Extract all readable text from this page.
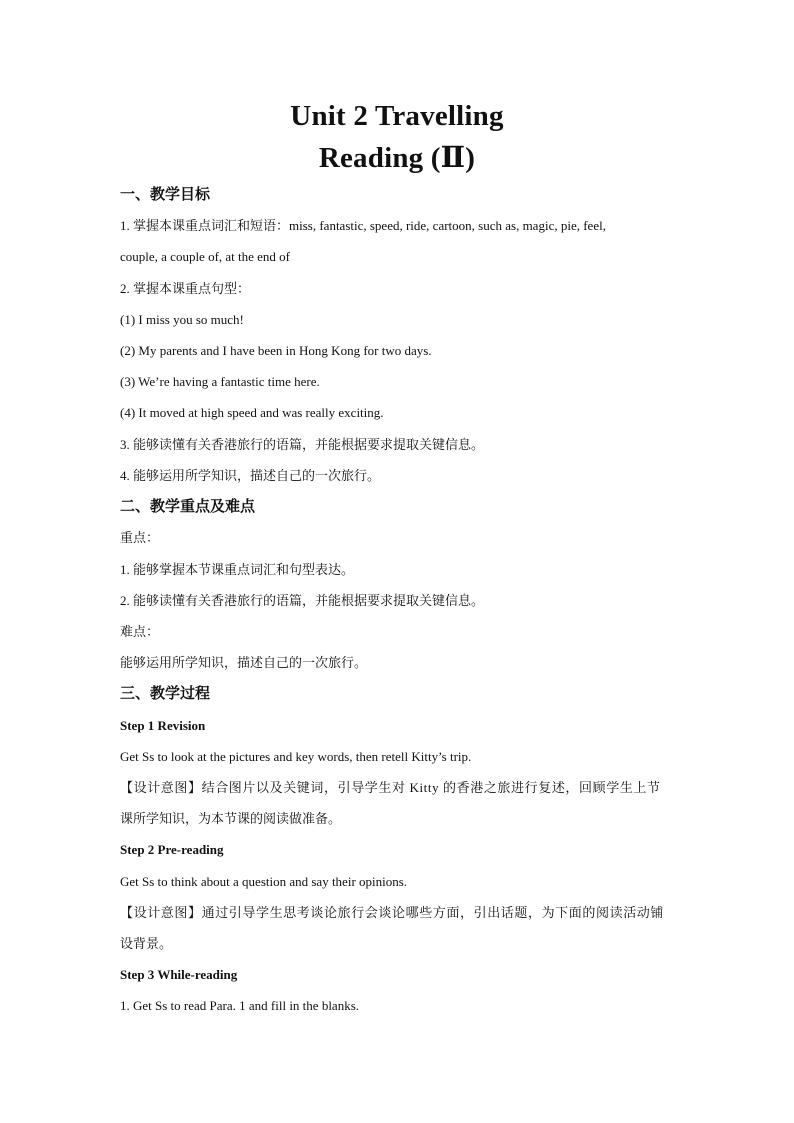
Unit 2 Travelling
Reading (Ⅱ)
一、教学目标
1. 掌握本课重点词汇和短语：miss, fantastic, speed, ride, cartoon, such as, magic, pie, feel,
couple, a couple of, at the end of
2. 掌握本课重点句型：
(1) I miss you so much!
(2) My parents and I have been in Hong Kong for two days.
(3) We’re having a fantastic time here.
(4) It moved at high speed and was really exciting.
3. 能够读懂有关香港旅行的语篇，并能根据要求提取关键信息。
4. 能够运用所学知识，描述自己的一次旅行。
二、教学重点及难点
重点：
1. 能够掌握本节课重点词汇和句型表达。
2. 能够读懂有关香港旅行的语篇，并能根据要求提取关键信息。
难点：
能够运用所学知识，描述自己的一次旅行。
三、教学过程
Step 1 Revision
Get Ss to look at the pictures and key words, then retell Kitty’s trip.
【设计意图】结合图片以及关键词，引导学生对 Kitty 的香港之旅进行复述，回顾学生上节
课所学知识，为本节课的阅读做准备。
Step 2 Pre-reading
Get Ss to think about a question and say their opinions.
【设计意图】通过引导学生思考谈论旅行会谈论哪些方面，引出话题，为下面的阅读活动铺
设背景。
Step 3 While-reading
1. Get Ss to read Para. 1 and fill in the blanks.
